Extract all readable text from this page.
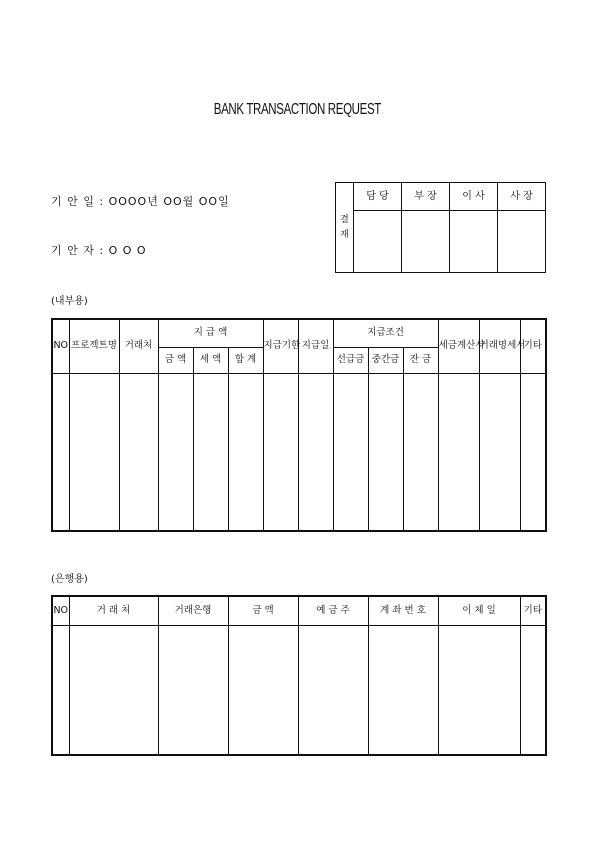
BANK TRANSACTION REQUEST
기 안 일 : OOOO년 OO월 OO일
기 안 자 : O O O
결
재	담 당	부 장	이 사	사 장

(내부용)
NO	프로젝트명	거래처	지 급 액			지급기한	지급일	지급조건			세금계산서	거래명세서	기타
			금 액	세 액	합 계			선급금	중간금	잔 금			

(은행용)
NO	거 래 처	거래은행	금 액	예 금 주	계 좌 번 호	이 체 일	기타
